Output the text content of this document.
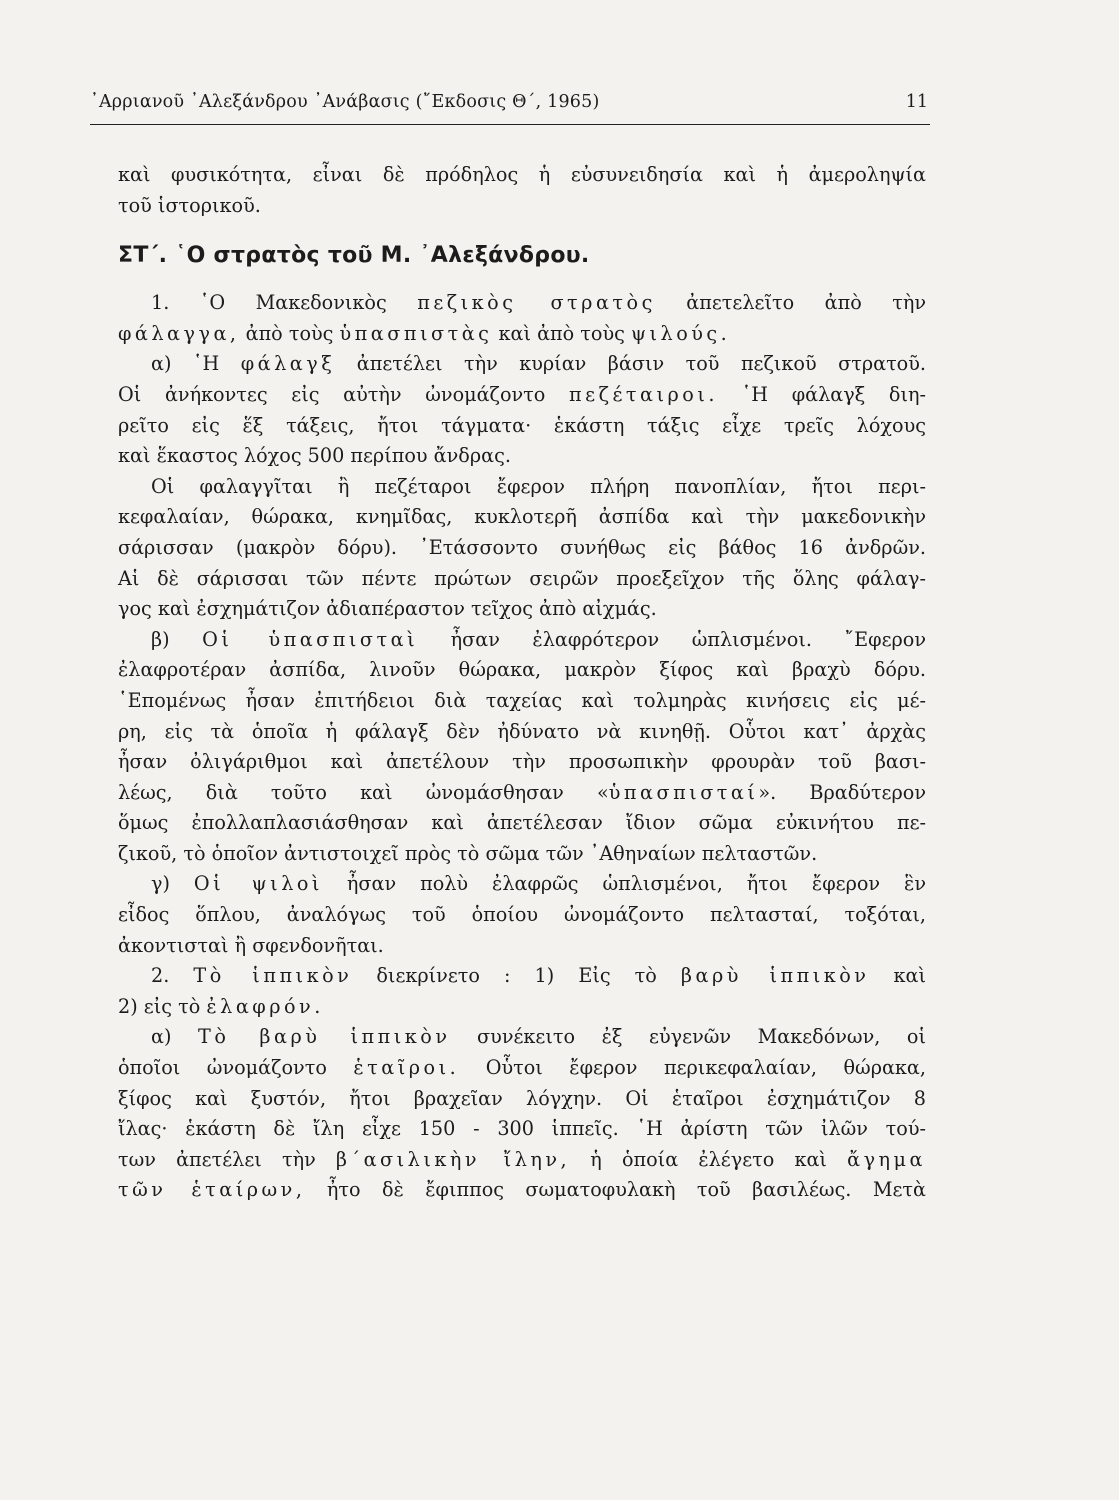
᾿Αρριανοῦ ᾿Αλεξάνδρου ᾿Ανάβασις (῎Εκδοσις Θ΄, 1965)	11

καὶ φυσικότητα, εἶναι δὲ πρόδηλος ἡ εὐσυνειδησία καὶ ἡ ἀμεροληψία
τοῦ ἱστορικοῦ.

ΣΤ΄. ῾Ο στρατὸς τοῦ Μ. ᾿Αλεξάνδρου.

1. ῾Ο Μακεδονικὸς πεζικὸς στρατὸς ἀπετελεῖτο ἀπὸ τὴν
φάλαγγα, ἀπὸ τοὺς ὑπασπιστὰς καὶ ἀπὸ τοὺς ψιλούς.

α) ῾Η φάλαγξ ἀπετέλει τὴν κυρίαν βάσιν τοῦ πεζικοῦ στρατοῦ.
Οἱ ἀνήκοντες εἰς αὐτὴν ὠνομάζοντο πεζέταιροι. ῾Η φάλαγξ διη-
ρεῖτο εἰς ἕξ τάξεις, ἤτοι τάγματα· ἑκάστη τάξις εἶχε τρεῖς λόχους
καὶ ἕκαστος λόχος 500 περίπου ἄνδρας.

Οἱ φαλαγγῖται ἢ πεζέταροι ἔφερον πλήρη πανοπλίαν, ἤτοι περι-
κεφαλαίαν, θώρακα, κνημῖδας, κυκλοτερῆ ἀσπίδα καὶ τὴν μακεδονικὴν
σάρισσαν (μακρὸν δόρυ). ᾿Ετάσσοντο συνήθως εἰς βάθος 16 ἀνδρῶν.
Αἱ δὲ σάρισσαι τῶν πέντε πρώτων σειρῶν προεξεῖχον τῆς ὅλης φάλαγ-
γος καὶ ἐσχημάτιζον ἀδιαπέραστον τεῖχος ἀπὸ αἰχμάς.

β) Οἱ ὑπασπισταὶ ἦσαν ἐλαφρότερον ὡπλισμένοι. ῎Εφερον
ἐλαφροτέραν ἀσπίδα, λινοῦν θώρακα, μακρὸν ξίφος καὶ βραχὺ δόρυ.
῾Επομένως ἦσαν ἐπιτήδειοι διὰ ταχείας καὶ τολμηρὰς κινήσεις εἰς μέ-
ρη, εἰς τὰ ὁποῖα ἡ φάλαγξ δὲν ἠδύνατο νὰ κινηθῇ. Οὗτοι κατ᾿ ἀρχὰς
ἦσαν ὀλιγάριθμοι καὶ ἀπετέλουν τὴν προσωπικὴν φρουρὰν τοῦ βασι-
λέως, διὰ τοῦτο καὶ ὠνομάσθησαν «ὑπασπισταί». Βραδύτερον
ὅμως ἐπολλαπλασιάσθησαν καὶ ἀπετέλεσαν ἴδιον σῶμα εὐκινήτου πε-
ζικοῦ, τὸ ὁποῖον ἀντιστοιχεῖ πρὸς τὸ σῶμα τῶν ᾿Αθηναίων πελταστῶν.

γ) Οἱ ψιλοὶ ἦσαν πολὺ ἐλαφρῶς ὡπλισμένοι, ἤτοι ἔφερον ἓν
εἶδος ὅπλου, ἀναλόγως τοῦ ὁποίου ὠνομάζοντο πελτασταί, τοξόται,
ἀκοντισταὶ ἢ σφενδονῆται.

2. Τὸ ἱππικὸν διεκρίνετο : 1) Εἰς τὸ βαρὺ ἱππικὸν καὶ
2) εἰς τὸ ἐλαφρόν.

α) Τὸ βαρὺ ἱππικὸν συνέκειτο ἐξ εὐγενῶν Μακεδόνων, οἱ
ὁποῖοι ὠνομάζοντο ἑταῖροι. Οὗτοι ἔφερον περικεφαλαίαν, θώρακα,
ξίφος καὶ ξυστόν, ἤτοι βραχεῖαν λόγχην. Οἱ ἑταῖροι ἐσχημάτιζον 8
ἴλας· ἑκάστη δὲ ἴλη εἶχε 150 - 300 ἱππεῖς. ῾Η ἀρίστη τῶν ἰλῶν τού-
των ἀπετέλει τὴν β΄ασιλικὴν ἴλην, ἡ ὁποία ἐλέγετο καὶ ἄγημα
τῶν ἑταίρων, ἦτο δὲ ἔφιππος σωματοφυλακὴ τοῦ βασιλέως. Μετὰ
